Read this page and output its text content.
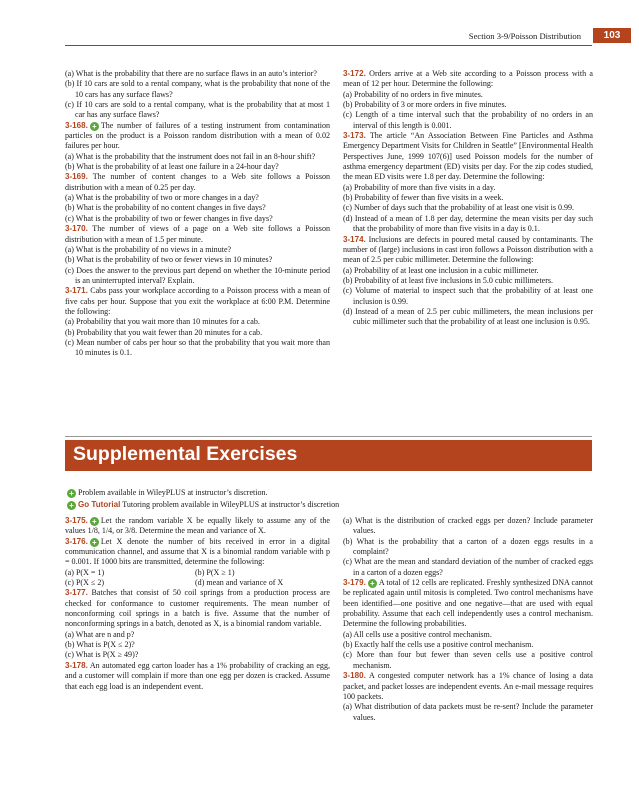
Section 3-9/Poisson Distribution	103

(a) What is the probability that there are no surface flaws in an auto’s interior?

(b) If 10 cars are sold to a rental company, what is the probability that none of the 10 cars has any surface flaws?

(c) If 10 cars are sold to a rental company, what is the probability that at most 1 car has any surface flaws?

3-168. + The number of failures of a testing instrument from contamination particles on the product is a Poisson random distribution with a mean of 0.02 failures per hour.

(a) What is the probability that the instrument does not fail in an 8-hour shift?

(b) What is the probability of at least one failure in a 24-hour day?

3-169. The number of content changes to a Web site follows a Poisson distribution with a mean of 0.25 per day.

(a) What is the probability of two or more changes in a day?

(b) What is the probability of no content changes in five days?

(c) What is the probability of two or fewer changes in five days?

3-170. The number of views of a page on a Web site follows a Poisson distribution with a mean of 1.5 per minute.

(a) What is the probability of no views in a minute?

(b) What is the probability of two or fewer views in 10 minutes?

(c) Does the answer to the previous part depend on whether the 10-minute period is an uninterrupted interval? Explain.

3-171. Cabs pass your workplace according to a Poisson process with a mean of five cabs per hour. Suppose that you exit the workplace at 6:00 P.M. Determine the following:

(a) Probability that you wait more than 10 minutes for a cab.

(b) Probability that you wait fewer than 20 minutes for a cab.

(c) Mean number of cabs per hour so that the probability that you wait more than 10 minutes is 0.1.

3-172. Orders arrive at a Web site according to a Poisson process with a mean of 12 per hour. Determine the following:

(a) Probability of no orders in five minutes.

(b) Probability of 3 or more orders in five minutes.

(c) Length of a time interval such that the probability of no orders in an interval of this length is 0.001.

3-173. The article “An Association Between Fine Particles and Asthma Emergency Department Visits for Children in Seattle” [Environmental Health Perspectives June, 1999 107(6)] used Poisson models for the number of asthma emergency department (ED) visits per day. For the zip codes studied, the mean ED visits were 1.8 per day. Determine the following:

(a) Probability of more than five visits in a day.

(b) Probability of fewer than five visits in a week.

(c) Number of days such that the probability of at least one visit is 0.99.

(d) Instead of a mean of 1.8 per day, determine the mean visits per day such that the probability of more than five visits in a day is 0.1.

3-174. Inclusions are defects in poured metal caused by contaminants. The number of (large) inclusions in cast iron follows a Poisson distribution with a mean of 2.5 per cubic millimeter. Determine the following:

(a) Probability of at least one inclusion in a cubic millimeter.

(b) Probability of at least five inclusions in 5.0 cubic millimeters.

(c) Volume of material to inspect such that the probability of at least one inclusion is 0.99.

(d) Instead of a mean of 2.5 per cubic millimeters, the mean inclusions per cubic millimeter such that the probability of at least one inclusion is 0.95.

Supplemental Exercises
+ Problem available in WileyPLUS at instructor’s discretion.
+ Go Tutorial Tutoring problem available in WileyPLUS at instructor’s discretion

3-175. + Let the random variable X be equally likely to assume any of the values 1/8, 1/4, or 3/8. Determine the mean and variance of X.

3-176. + Let X denote the number of bits received in error in a digital communication channel, and assume that X is a binomial random variable with p = 0.001. If 1000 bits are transmitted, determine the following:

(a) P(X = 1)	(b) P(X ≥ 1)

(c) P(X ≤ 2)	(d) mean and variance of X

3-177. Batches that consist of 50 coil springs from a production process are checked for conformance to customer requirements. The mean number of nonconforming coil springs in a batch is five. Assume that the number of nonconforming springs in a batch, denoted as X, is a binomial random variable.

(a) What are n and p?

(b) What is P(X ≤ 2)?

(c) What is P(X ≥ 49)?

3-178. An automated egg carton loader has a 1% probability of cracking an egg, and a customer will complain if more than one egg per dozen is cracked. Assume that each egg load is an independent event.

(a) What is the distribution of cracked eggs per dozen? Include parameter values.

(b) What is the probability that a carton of a dozen eggs results in a complaint?

(c) What are the mean and standard deviation of the number of cracked eggs in a carton of a dozen eggs?

3-179. + A total of 12 cells are replicated. Freshly synthesized DNA cannot be replicated again until mitosis is completed. Two control mechanisms have been identified—one positive and one negative—that are used with equal probability. Assume that each cell independently uses a control mechanism. Determine the following probabilities.

(a) All cells use a positive control mechanism.

(b) Exactly half the cells use a positive control mechanism.

(c) More than four but fewer than seven cells use a positive control mechanism.

3-180. A congested computer network has a 1% chance of losing a data packet, and packet losses are independent events. An e-mail message requires 100 packets.

(a) What distribution of data packets must be re-sent? Include the parameter values.
